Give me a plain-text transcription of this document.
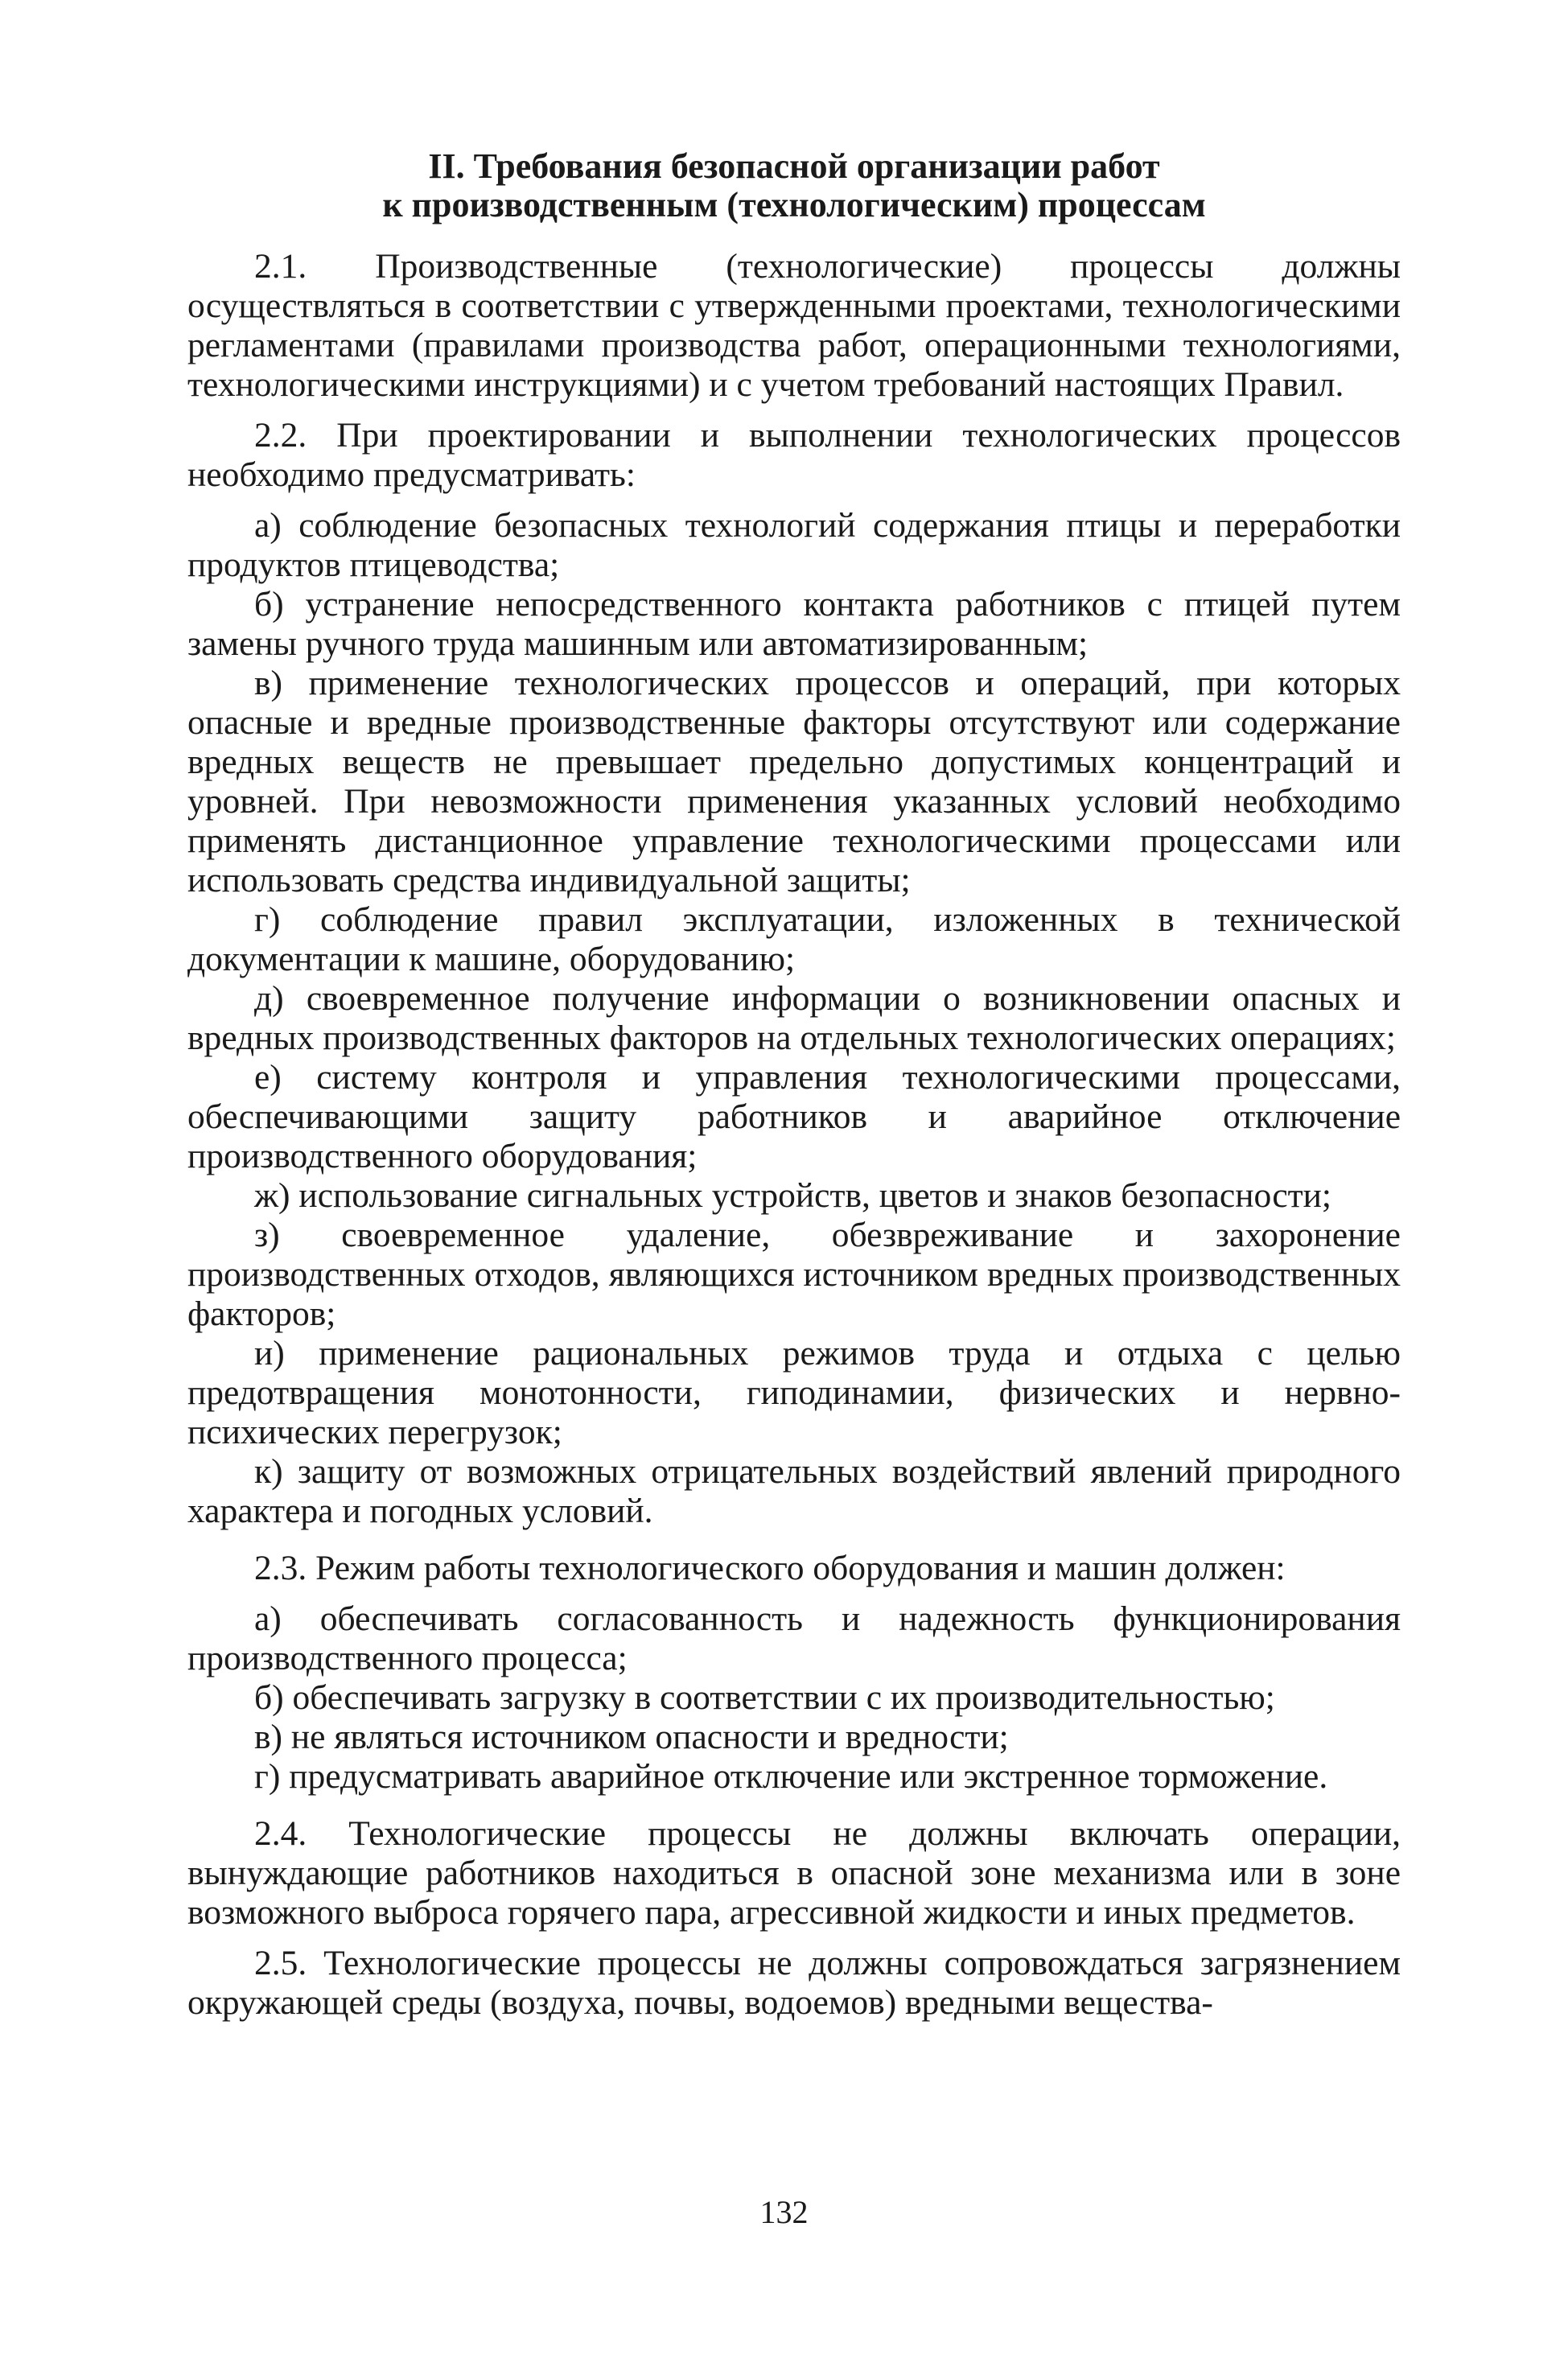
II. Требования безопасной организации работ
к производственным (технологическим) процессам

2.1. Производственные (технологические) процессы должны осуществляться в соответствии с утвержденными проектами, технологическими регламентами (правилами производства работ, операционными технологиями, технологическими инструкциями) и с учетом требований настоящих Правил.

2.2. При проектировании и выполнении технологических процессов необходимо предусматривать:

а) соблюдение безопасных технологий содержания птицы и переработки продуктов птицеводства;

б) устранение непосредственного контакта работников с птицей путем замены ручного труда машинным или автоматизированным;

в) применение технологических процессов и операций, при которых опасные и вредные производственные факторы отсутствуют или содержание вредных веществ не превышает предельно допустимых концентраций и уровней. При невозможности применения указанных условий необходимо применять дистанционное управление технологическими процессами или использовать средства индивидуальной защиты;

г) соблюдение правил эксплуатации, изложенных в технической документации к машине, оборудованию;

д) своевременное получение информации о возникновении опасных и вредных производственных факторов на отдельных технологических операциях;

е) систему контроля и управления технологическими процессами, обеспечивающими защиту работников и аварийное отключение производственного оборудования;

ж) использование сигнальных устройств, цветов и знаков безопасности;

з) своевременное удаление, обезвреживание и захоронение производственных отходов, являющихся источником вредных производственных факторов;

и) применение рациональных режимов труда и отдыха с целью предотвращения монотонности, гиподинамии, физических и нервно-психических перегрузок;

к) защиту от возможных отрицательных воздействий явлений природного характера и погодных условий.

2.3. Режим работы технологического оборудования и машин должен:

а) обеспечивать согласованность и надежность функционирования производственного процесса;

б) обеспечивать загрузку в соответствии с их производительностью;

в) не являться источником опасности и вредности;

г) предусматривать аварийное отключение или экстренное торможение.

2.4. Технологические процессы не должны включать операции, вынуждающие работников находиться в опасной зоне механизма или в зоне возможного выброса горячего пара, агрессивной жидкости и иных предметов.

2.5. Технологические процессы не должны сопровождаться загрязнением окружающей среды (воздуха, почвы, водоемов) вредными вещества-

132
